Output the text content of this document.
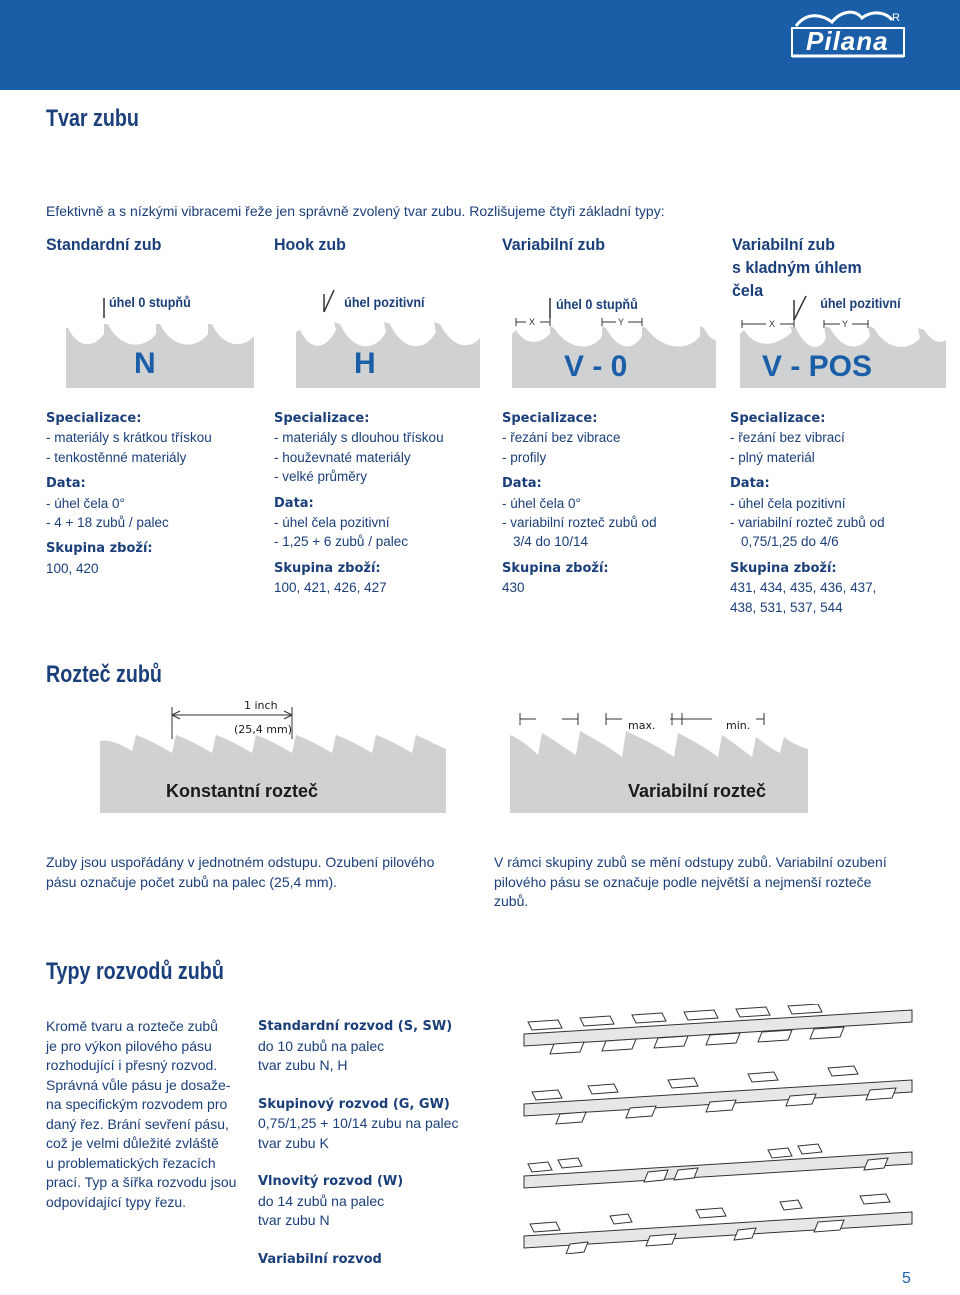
Pilana
R
Tvar zubu
Efektivně a s nízkými vibracemi řeže jen správně zvolený tvar zubu. Rozlišujeme čtyři základní typy:
Standardní zub	Hook zub	Variabilní zub	Variabilní zub
s kladným úhlem
čela
úhel 0 stupňů
N
úhel pozitivní
H
úhel 0 stupňů
X	Y
V - 0
úhel pozitivní
X	Y
V - POS
Specializace:
- materiály s krátkou třískou
- tenkostěnné materiály
Data:
- úhel čela 0°
- 4 + 18 zubů / palec
Skupina zboží:
100, 420
Specializace:
- materiály s dlouhou třískou
- houževnaté materiály
- velké průměry
Data:
- úhel čela pozitivní
- 1,25 + 6 zubů / palec
Skupina zboží:
100, 421, 426, 427
Specializace:
- řezání bez vibrace
- profily
Data:
- úhel čela 0°
- variabilní rozteč zubů od
3/4 do 10/14
Skupina zboží:
430
Specializace:
- řezání bez vibrací
- plný materiál
Data:
- úhel čela pozitivní
- variabilní rozteč zubů od
0,75/1,25 do 4/6
Skupina zboží:
431, 434, 435, 436, 437,
438, 531, 537, 544
Rozteč zubů
1 inch
(25,4 mm)
Konstantní rozteč
max.	min.
Variabilní rozteč
Zuby jsou uspořádány v jednotném odstupu. Ozubení pilového
pásu označuje počet zubů na palec (25,4 mm).
V rámci skupiny zubů se mění odstupy zubů. Variabilní ozubení
pilového pásu se označuje podle největší a nejmenší rozteče
zubů.
Typy rozvodů zubů
Kromě tvaru a rozteče zubů
je pro výkon pilového pásu
rozhodující i přesný rozvod.
Správná vůle pásu je dosaže-
na specifickým rozvodem pro
daný řez. Brání sevření pásu,
což je velmi důležité zvláště
u problematických řezacích
prací. Typ a šířka rozvodu jsou
odpovídající typy řezu.
Standardní rozvod (S, SW)
do 10 zubů na palec
tvar zubu N, H
Skupinový rozvod (G, GW)
0,75/1,25 + 10/14 zubu na palec
tvar zubu K
Vlnovitý rozvod (W)
do 14 zubů na palec
tvar zubu N
Variabilní rozvod
5
